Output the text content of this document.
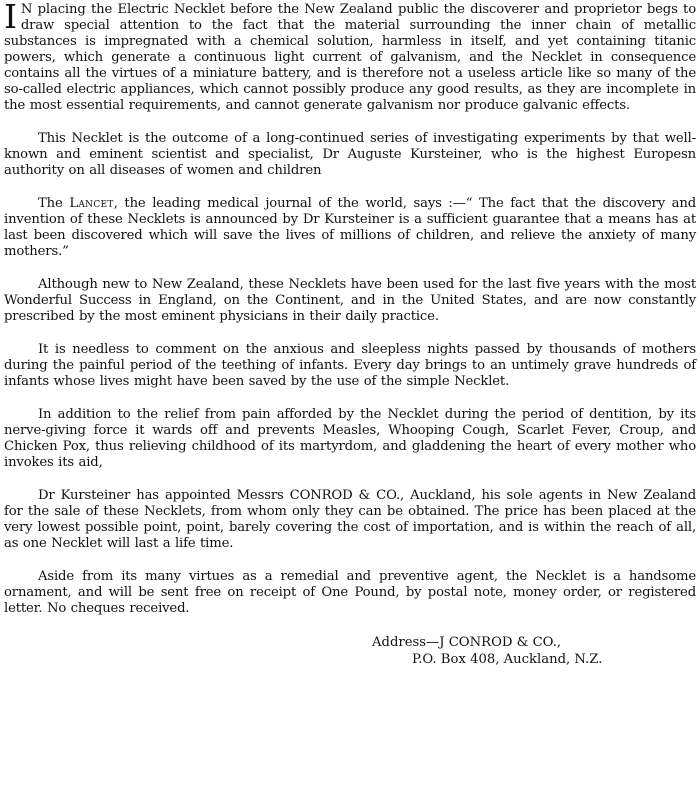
I N placing the Electric Necklet before the New Zealand public the discoverer and proprietor begs to draw special attention to the fact that the material surrounding the inner chain of metallic substances is impregnated with a chemical solution, harmless in itself, and yet containing titanic powers, which generate a continuous light current of galvanism, and the Necklet in consequence contains all the virtues of a miniature battery, and is therefore not a useless article like so many of the so-called electric appliances, which cannot possibly produce any good results, as they are incomplete in the most essential requirements, and cannot generate galvanism nor produce galvanic effects.

This Necklet is the outcome of a long-continued series of investigating experiments by that well-known and eminent scientist and specialist, Dr Auguste Kursteiner, who is the highest Europesn authority on all diseases of women and children

The Lancet, the leading medical journal of the world, says :—“ The fact that the discovery and invention of these Necklets is announced by Dr Kursteiner is a sufficient guarantee that a means has at last been discovered which will save the lives of millions of children, and relieve the anxiety of many mothers.”

Although new to New Zealand, these Necklets have been used for the last five years with the most Wonderful Success in England, on the Continent, and in the United States, and are now constantly prescribed by the most eminent physicians in their daily practice.

It is needless to comment on the anxious and sleepless nights passed by thousands of mothers during the painful period of the teething of infants. Every day brings to an untimely grave hundreds of infants whose lives might have been saved by the use of the simple Necklet.

In addition to the relief from pain afforded by the Necklet during the period of dentition, by its nerve-giving force it wards off and prevents Measles, Whooping Cough, Scarlet Fever, Croup, and Chicken Pox, thus relieving childhood of its martyrdom, and gladdening the heart of every mother who invokes its aid,

Dr Kursteiner has appointed Messrs CONROD & CO., Auckland, his sole agents in New Zealand for the sale of these Necklets, from whom only they can be obtained. The price has been placed at the very lowest possible point, point, barely covering the cost of importation, and is within the reach of all, as one Necklet will last a life time.

Aside from its many virtues as a remedial and preventive agent, the Necklet is a handsome ornament, and will be sent free on receipt of One Pound, by postal note, money order, or registered letter. No cheques received.

Address—J CONROD & CO.,
P.O. Box 408, Auckland, N.Z.
